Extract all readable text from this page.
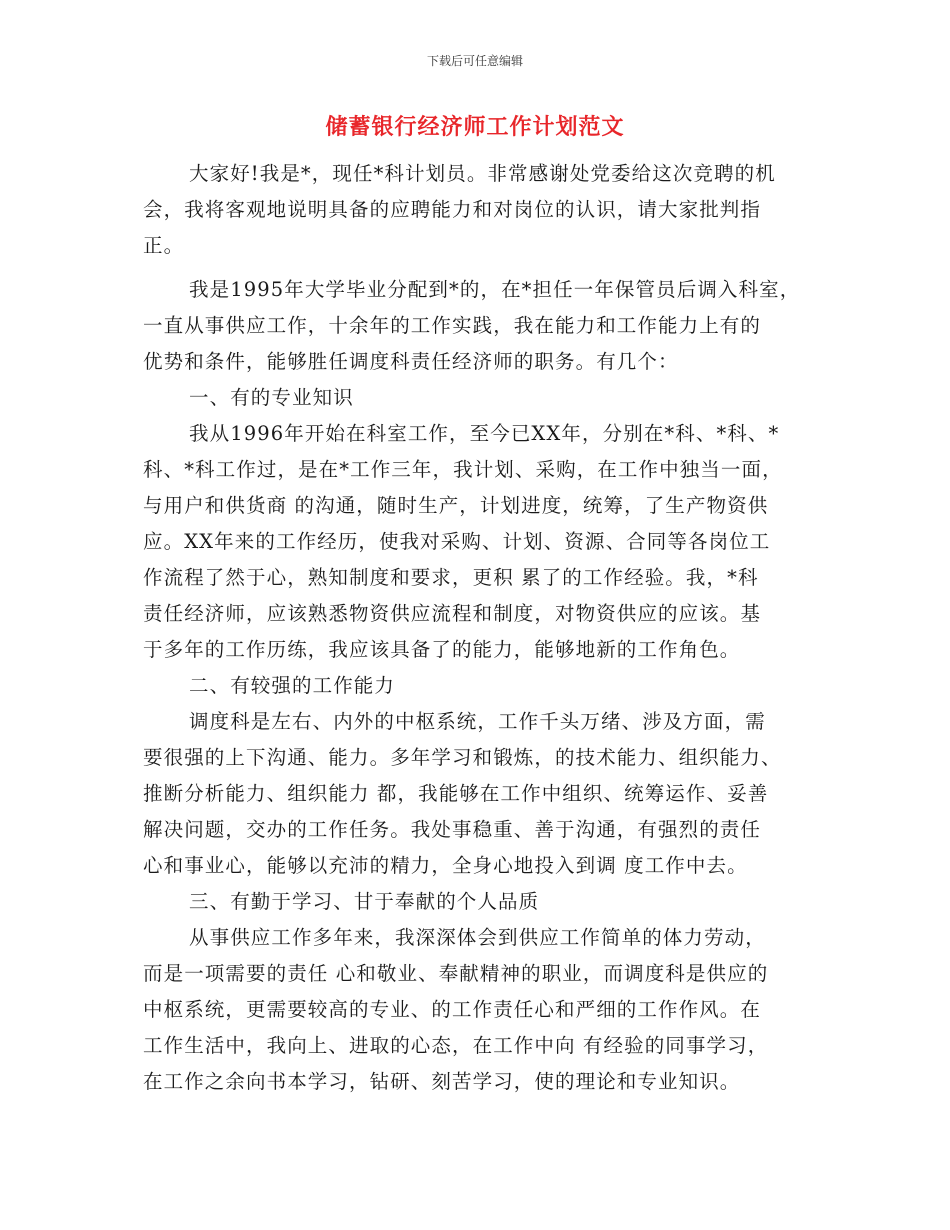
下载后可任意编辑
储蓄银行经济师工作计划范文
大家好!我是*，现任*科计划员。非常感谢处党委给这次竞聘的机
会，我将客观地说明具备的应聘能力和对岗位的认识，请大家批判指
正。
我是1995年大学毕业分配到*的，在*担任一年保管员后调入科室，
一直从事供应工作，十余年的工作实践，我在能力和工作能力上有的
优势和条件，能够胜任调度科责任经济师的职务。有几个：
一、有的专业知识
我从1996年开始在科室工作，至今已XX年，分别在*科、*科、*
科、*科工作过，是在*工作三年，我计划、采购，在工作中独当一面，
与用户和供货商 的沟通，随时生产，计划进度，统筹，了生产物资供
应。XX年来的工作经历，使我对采购、计划、资源、合同等各岗位工
作流程了然于心，熟知制度和要求，更积 累了的工作经验。我，*科
责任经济师，应该熟悉物资供应流程和制度，对物资供应的应该。基
于多年的工作历练，我应该具备了的能力，能够地新的工作角色。
二、有较强的工作能力
调度科是左右、内外的中枢系统，工作千头万绪、涉及方面，需
要很强的上下沟通、能力。多年学习和锻炼，的技术能力、组织能力、
推断分析能力、组织能力 都，我能够在工作中组织、统筹运作、妥善
解决问题，交办的工作任务。我处事稳重、善于沟通，有强烈的责任
心和事业心，能够以充沛的精力，全身心地投入到调 度工作中去。
三、有勤于学习、甘于奉献的个人品质
从事供应工作多年来，我深深体会到供应工作简单的体力劳动，
而是一项需要的责任 心和敬业、奉献精神的职业，而调度科是供应的
中枢系统，更需要较高的专业、的工作责任心和严细的工作作风。在
工作生活中，我向上、进取的心态，在工作中向 有经验的同事学习，
在工作之余向书本学习，钻研、刻苦学习，使的理论和专业知识。
